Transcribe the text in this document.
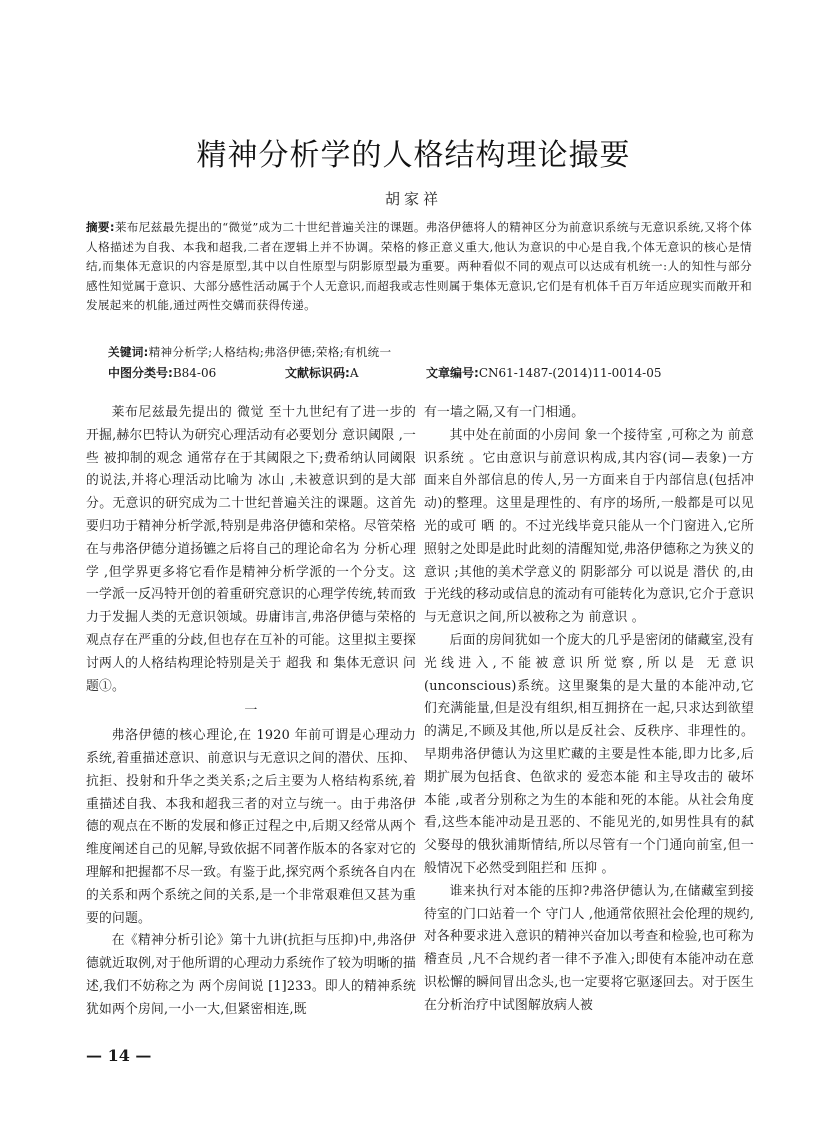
精神分析学的人格结构理论撮要
胡家祥
摘要:莱布尼兹最先提出的“微觉”成为二十世纪普遍关注的课题。弗洛伊德将人的精神区分为前意识系统与无意识系统,又将个体人格描述为自我、本我和超我,二者在逻辑上并不协调。荣格的修正意义重大,他认为意识的中心是自我,个体无意识的核心是情结,而集体无意识的内容是原型,其中以自性原型与阴影原型最为重要。两种看似不同的观点可以达成有机统一:人的知性与部分感性知觉属于意识、大部分感性活动属于个人无意识,而超我或志性则属于集体无意识,它们是有机体千百万年适应现实而敞开和发展起来的机能,通过两性交媾而获得传递。
关键词:精神分析学;人格结构;弗洛伊德;荣格;有机统一
中图分类号:B84-06	文献标识码:A	文章编号:CN61-1487-(2014)11-0014-05

莱布尼兹最先提出的 微觉 至十九世纪有了进一步的开掘,赫尔巴特认为研究心理活动有必要划分 意识阈限 ,一些 被抑制的观念 通常存在于其阈限之下;费希纳认同阈限的说法,并将心理活动比喻为 冰山 ,未被意识到的是大部分。无意识的研究成为二十世纪普遍关注的课题。这首先要归功于精神分析学派,特别是弗洛伊德和荣格。尽管荣格在与弗洛伊德分道扬镳之后将自己的理论命名为 分析心理学 ,但学界更多将它看作是精神分析学派的一个分支。这一学派一反冯特开创的着重研究意识的心理学传统,转而致力于发掘人类的无意识领域。毋庸讳言,弗洛伊德与荣格的观点存在严重的分歧,但也存在互补的可能。这里拟主要探讨两人的人格结构理论特别是关于 超我 和 集体无意识 问题①。

一

弗洛伊德的核心理论,在 1920 年前可谓是心理动力系统,着重描述意识、前意识与无意识之间的潜伏、压抑、抗拒、投射和升华之类关系;之后主要为人格结构系统,着重描述自我、本我和超我三者的对立与统一。由于弗洛伊德的观点在不断的发展和修正过程之中,后期又经常从两个维度阐述自己的见解,导致依据不同著作版本的各家对它的理解和把握都不尽一致。有鉴于此,探究两个系统各自内在的关系和两个系统之间的关系,是一个非常艰难但又甚为重要的问题。

在《精神分析引论》第十九讲(抗拒与压抑)中,弗洛伊德就近取例,对于他所谓的心理动力系统作了较为明晰的描述,我们不妨称之为 两个房间说 [1]233。即人的精神系统犹如两个房间,一小一大,但紧密相连,既

有一墙之隔,又有一门相通。

其中处在前面的小房间 象一个接待室 ,可称之为 前意识系统 。它由意识与前意识构成,其内容(词—表象)一方面来自外部信息的传人,另一方面来自于内部信息(包括冲动)的整理。这里是理性的、有序的场所,一般都是可以见光的或可 晒 的。不过光线毕竟只能从一个门窗进入,它所照射之处即是此时此刻的清醒知觉,弗洛伊德称之为狭义的 意识 ;其他的美术学意义的 阴影部分 可以说是 潜伏 的,由于光线的移动或信息的流动有可能转化为意识,它介于意识与无意识之间,所以被称之为 前意识 。

后面的房间犹如一个庞大的几乎是密闭的储藏室,没有光线进入,不能被意识所觉察,所以是 无意识(unconscious)系统。这里聚集的是大量的本能冲动,它们充满能量,但是没有组织,相互拥挤在一起,只求达到欲望的满足,不顾及其他,所以是反社会、反秩序、非理性的。早期弗洛伊德认为这里贮藏的主要是性本能,即力比多,后期扩展为包括食、色欲求的 爱恋本能 和主导攻击的 破坏本能 ,或者分别称之为生的本能和死的本能。从社会角度看,这些本能冲动是丑恶的、不能见光的,如男性具有的弑父娶母的俄狄浦斯情结,所以尽管有一个门通向前室,但一般情况下必然受到阻拦和 压抑 。

谁来执行对本能的压抑?弗洛伊德认为,在储藏室到接待室的门口站着一个 守门人 ,他通常依照社会伦理的规约,对各种要求进入意识的精神兴奋加以考查和检验,也可称为 稽查员 ,凡不合规约者一律不予准入;即使有本能冲动在意识松懈的瞬间冒出念头,也一定要将它驱逐回去。对于医生在分析治疗中试图解放病人被

— 14 —
